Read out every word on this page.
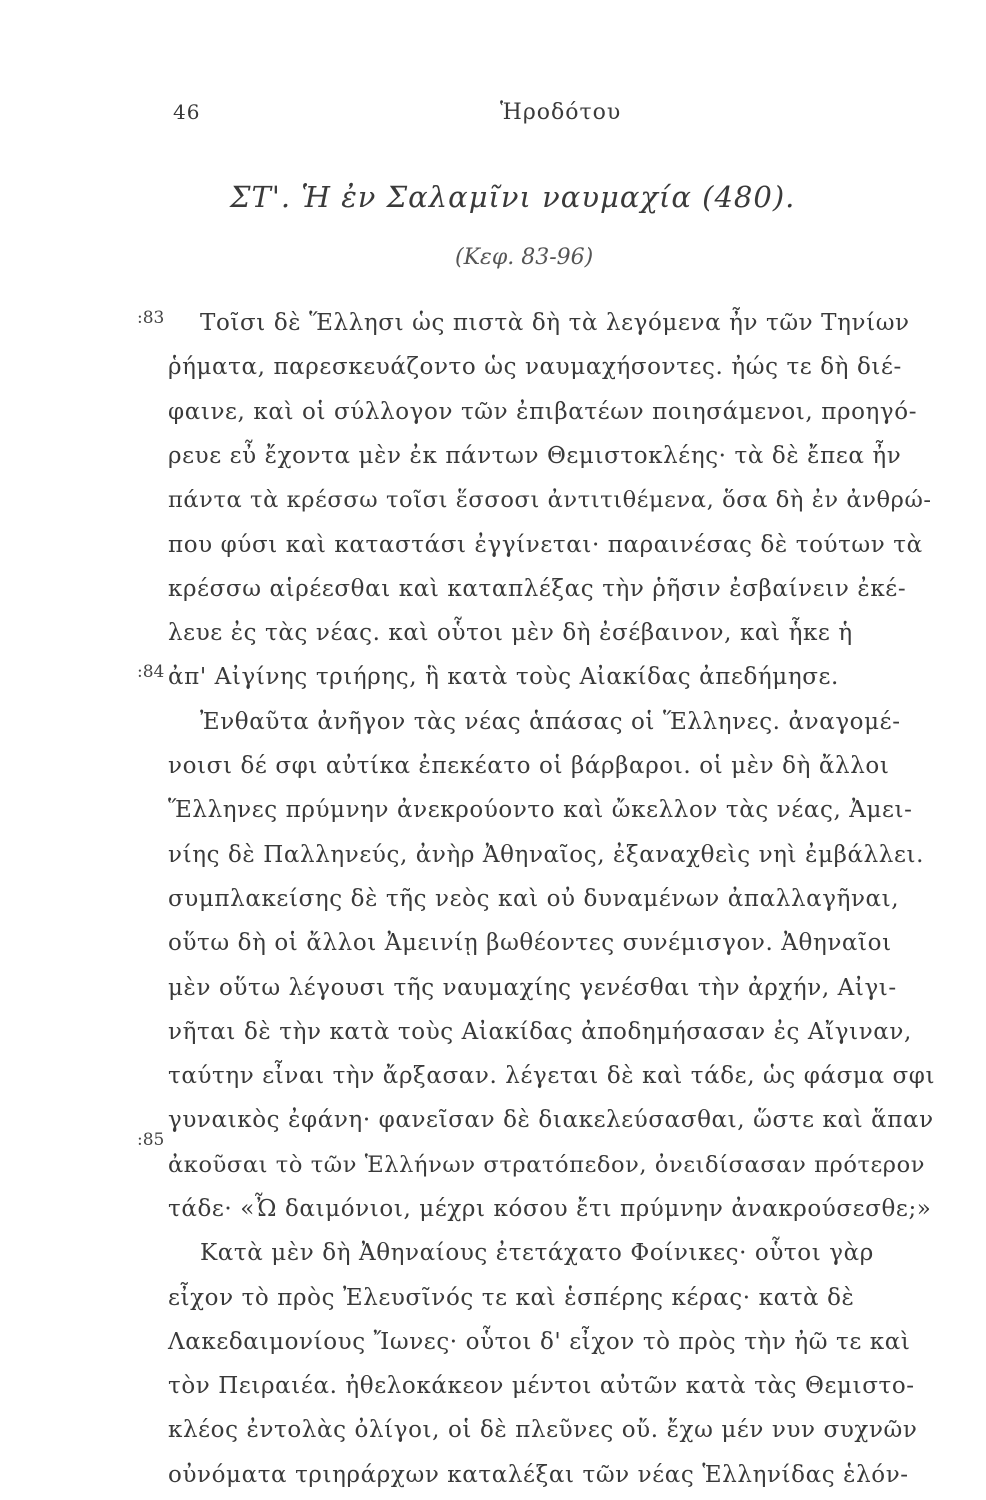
46	Ἡροδότου
ΣΤ'. Ἡ ἐν Σαλαμῖνι ναυμαχία (480).
(Κεφ. 83-96)
:83
:84
:85
Τοῖσι δὲ Ἕλλησι ὡς πιστὰ δὴ τὰ λεγόμενα ἦν τῶν Τηνίων
ῥήματα, παρεσκευάζοντο ὡς ναυμαχήσοντες. ἠώς τε δὴ διέ-
φαινε, καὶ οἱ σύλλογον τῶν ἐπιβατέων ποιησάμενοι, προηγό-
ρευε εὖ ἔχοντα μὲν ἐκ πάντων Θεμιστοκλέης· τὰ δὲ ἔπεα ἦν
πάντα τὰ κρέσσω τοῖσι ἕσσοσι ἀντιτιθέμενα, ὅσα δὴ ἐν ἀνθρώ-
που φύσι καὶ καταστάσι ἐγγίνεται· παραινέσας δὲ τούτων τὰ
κρέσσω αἱρέεσθαι καὶ καταπλέξας τὴν ῥῆσιν ἐσβαίνειν ἐκέ-
λευε ἐς τὰς νέας. καὶ οὗτοι μὲν δὴ ἐσέβαινον, καὶ ἧκε ἡ
ἀπ' Αἰγίνης τριήρης, ἣ κατὰ τοὺς Αἰακίδας ἀπεδήμησε.
Ἐνθαῦτα ἀνῆγον τὰς νέας ἁπάσας οἱ Ἕλληνες. ἀναγομέ-
νοισι δέ σφι αὐτίκα ἐπεκέατο οἱ βάρβαροι. οἱ μὲν δὴ ἄλλοι
Ἕλληνες πρύμνην ἀνεκρούοντο καὶ ὤκελλον τὰς νέας, Ἀμει-
νίης δὲ Παλληνεύς, ἀνὴρ Ἀθηναῖος, ἐξαναχθεὶς νηὶ ἐμβάλλει.
συμπλακείσης δὲ τῆς νεὸς καὶ οὐ δυναμένων ἀπαλλαγῆναι,
οὕτω δὴ οἱ ἄλλοι Ἀμεινίῃ βωθέοντες συνέμισγον. Ἀθηναῖοι
μὲν οὕτω λέγουσι τῆς ναυμαχίης γενέσθαι τὴν ἀρχήν, Αἰγι-
νῆται δὲ τὴν κατὰ τοὺς Αἰακίδας ἀποδημήσασαν ἐς Αἴγιναν,
ταύτην εἶναι τὴν ἄρξασαν. λέγεται δὲ καὶ τάδε, ὡς φάσμα σφι
γυναικὸς ἐφάνη· φανεῖσαν δὲ διακελεύσασθαι, ὥστε καὶ ἅπαν
ἀκοῦσαι τὸ τῶν Ἑλλήνων στρατόπεδον, ὀνειδίσασαν πρότερον
τάδε· «Ὦ δαιμόνιοι, μέχρι κόσου ἔτι πρύμνην ἀνακρούσεσθε;»
Κατὰ μὲν δὴ Ἀθηναίους ἐτετάχατο Φοίνικες· οὗτοι γὰρ
εἶχον τὸ πρὸς Ἐλευσῖνός τε καὶ ἑσπέρης κέρας· κατὰ δὲ
Λακεδαιμονίους Ἴωνες· οὗτοι δ' εἶχον τὸ πρὸς τὴν ἠῶ τε καὶ
τὸν Πειραιέα. ἠθελοκάκεον μέντοι αὐτῶν κατὰ τὰς Θεμιστο-
κλέος ἐντολὰς ὀλίγοι, οἱ δὲ πλεῦνες οὔ. ἔχω μέν νυν συχνῶν
οὐνόματα τριηράρχων καταλέξαι τῶν νέας Ἑλληνίδας ἑλόν-
